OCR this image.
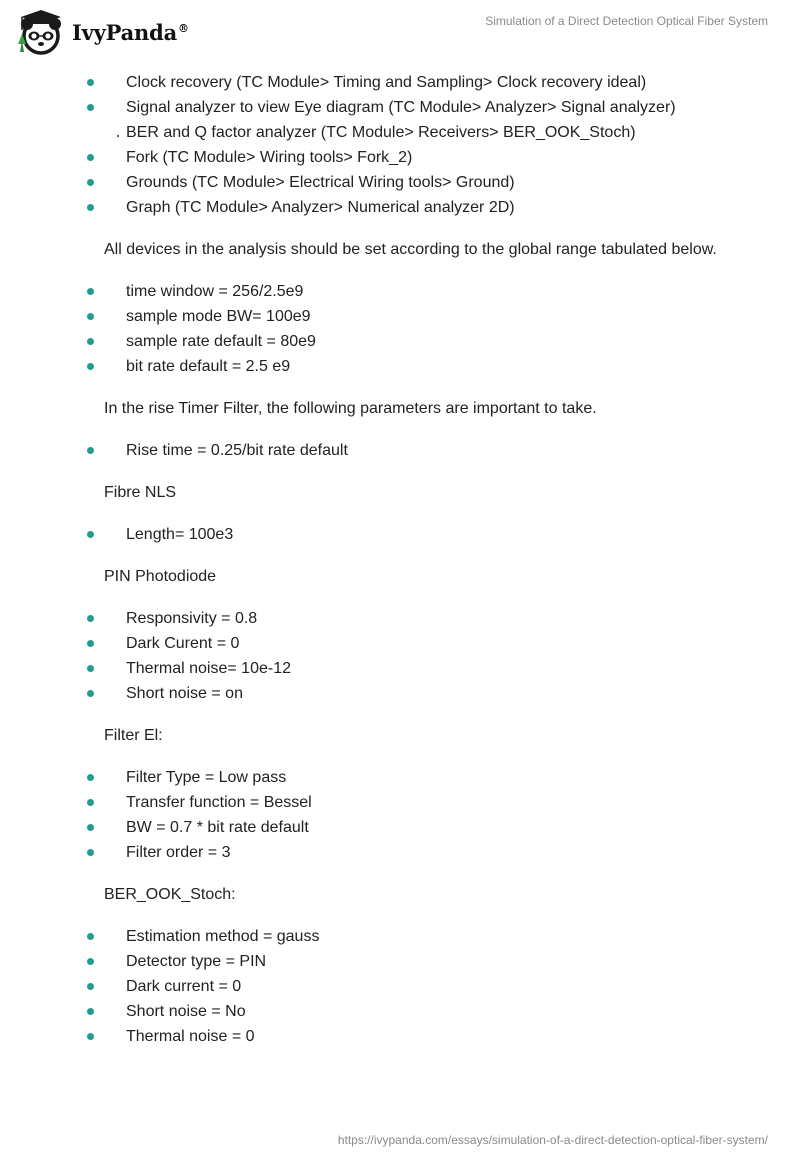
IvyPanda®	Simulation of a Direct Detection Optical Fiber System
Clock recovery (TC Module> Timing and Sampling> Clock recovery ideal)
Signal analyzer to view Eye diagram (TC Module> Analyzer> Signal analyzer)
BER and Q factor analyzer (TC Module> Receivers> BER_OOK_Stoch)
Fork (TC Module> Wiring tools> Fork_2)
Grounds (TC Module> Electrical Wiring tools> Ground)
Graph (TC Module> Analyzer> Numerical analyzer 2D)

All devices in the analysis should be set according to the global range tabulated below.

time window = 256/2.5e9
sample mode BW= 100e9
sample rate default = 80e9
bit rate default = 2.5 e9

In the rise Timer Filter, the following parameters are important to take.

Rise time = 0.25/bit rate default

Fibre NLS

Length= 100e3

PIN Photodiode

Responsivity = 0.8
Dark Curent = 0
Thermal noise= 10e-12
Short noise = on

Filter El:

Filter Type = Low pass
Transfer function = Bessel
BW = 0.7 * bit rate default
Filter order = 3

BER_OOK_Stoch:

Estimation method = gauss
Detector type = PIN
Dark current = 0
Short noise = No
Thermal noise = 0
https://ivypanda.com/essays/simulation-of-a-direct-detection-optical-fiber-system/
